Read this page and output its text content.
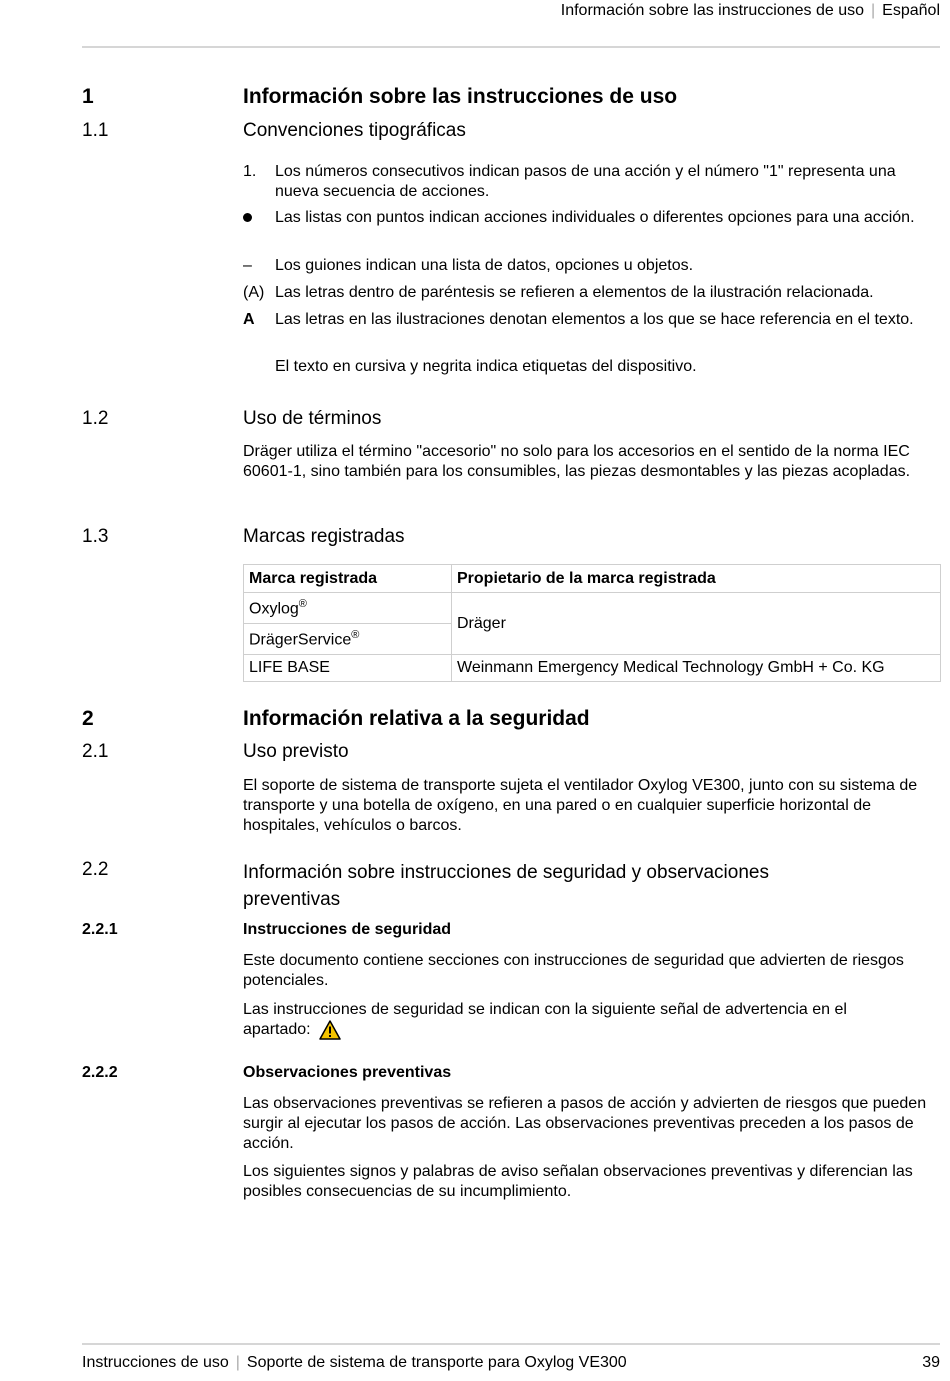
Información sobre las instrucciones de uso | Español
1	Información sobre las instrucciones de uso
1.1	Convenciones tipográficas
1.	Los números consecutivos indican pasos de una acción y el número "1" representa una nueva secuencia de acciones.
Las listas con puntos indican acciones individuales o diferentes opciones para una acción.
–	Los guiones indican una lista de datos, opciones u objetos.
(A) Las letras dentro de paréntesis se refieren a elementos de la ilustración relacionada.
A	Las letras en las ilustraciones denotan elementos a los que se hace referencia en el texto.
El texto en cursiva y negrita indica etiquetas del dispositivo.
1.2	Uso de términos
Dräger utiliza el término "accesorio" no solo para los accesorios en el sentido de la norma IEC 60601-1, sino también para los consumibles, las piezas desmontables y las piezas acopladas.
1.3	Marcas registradas
Marca registrada	Propietario de la marca registrada
Oxylog®	Dräger
DrägerService®
LIFE BASE	Weinmann Emergency Medical Technology GmbH + Co. KG
2	Información relativa a la seguridad
2.1	Uso previsto
El soporte de sistema de transporte sujeta el ventilador Oxylog VE300, junto con su sistema de transporte y una botella de oxígeno, en una pared o en cualquier superficie horizontal de hospitales, vehículos o barcos.
2.2	Información sobre instrucciones de seguridad y observaciones preventivas
2.2.1	Instrucciones de seguridad
Este documento contiene secciones con instrucciones de seguridad que advierten de riesgos potenciales.
Las instrucciones de seguridad se indican con la siguiente señal de advertencia en el apartado:
2.2.2	Observaciones preventivas
Las observaciones preventivas se refieren a pasos de acción y advierten de riesgos que pueden surgir al ejecutar los pasos de acción. Las observaciones preventivas preceden a los pasos de acción.
Los siguientes signos y palabras de aviso señalan observaciones preventivas y diferencian las posibles consecuencias de su incumplimiento.
Instrucciones de uso | Soporte de sistema de transporte para Oxylog VE300	39
